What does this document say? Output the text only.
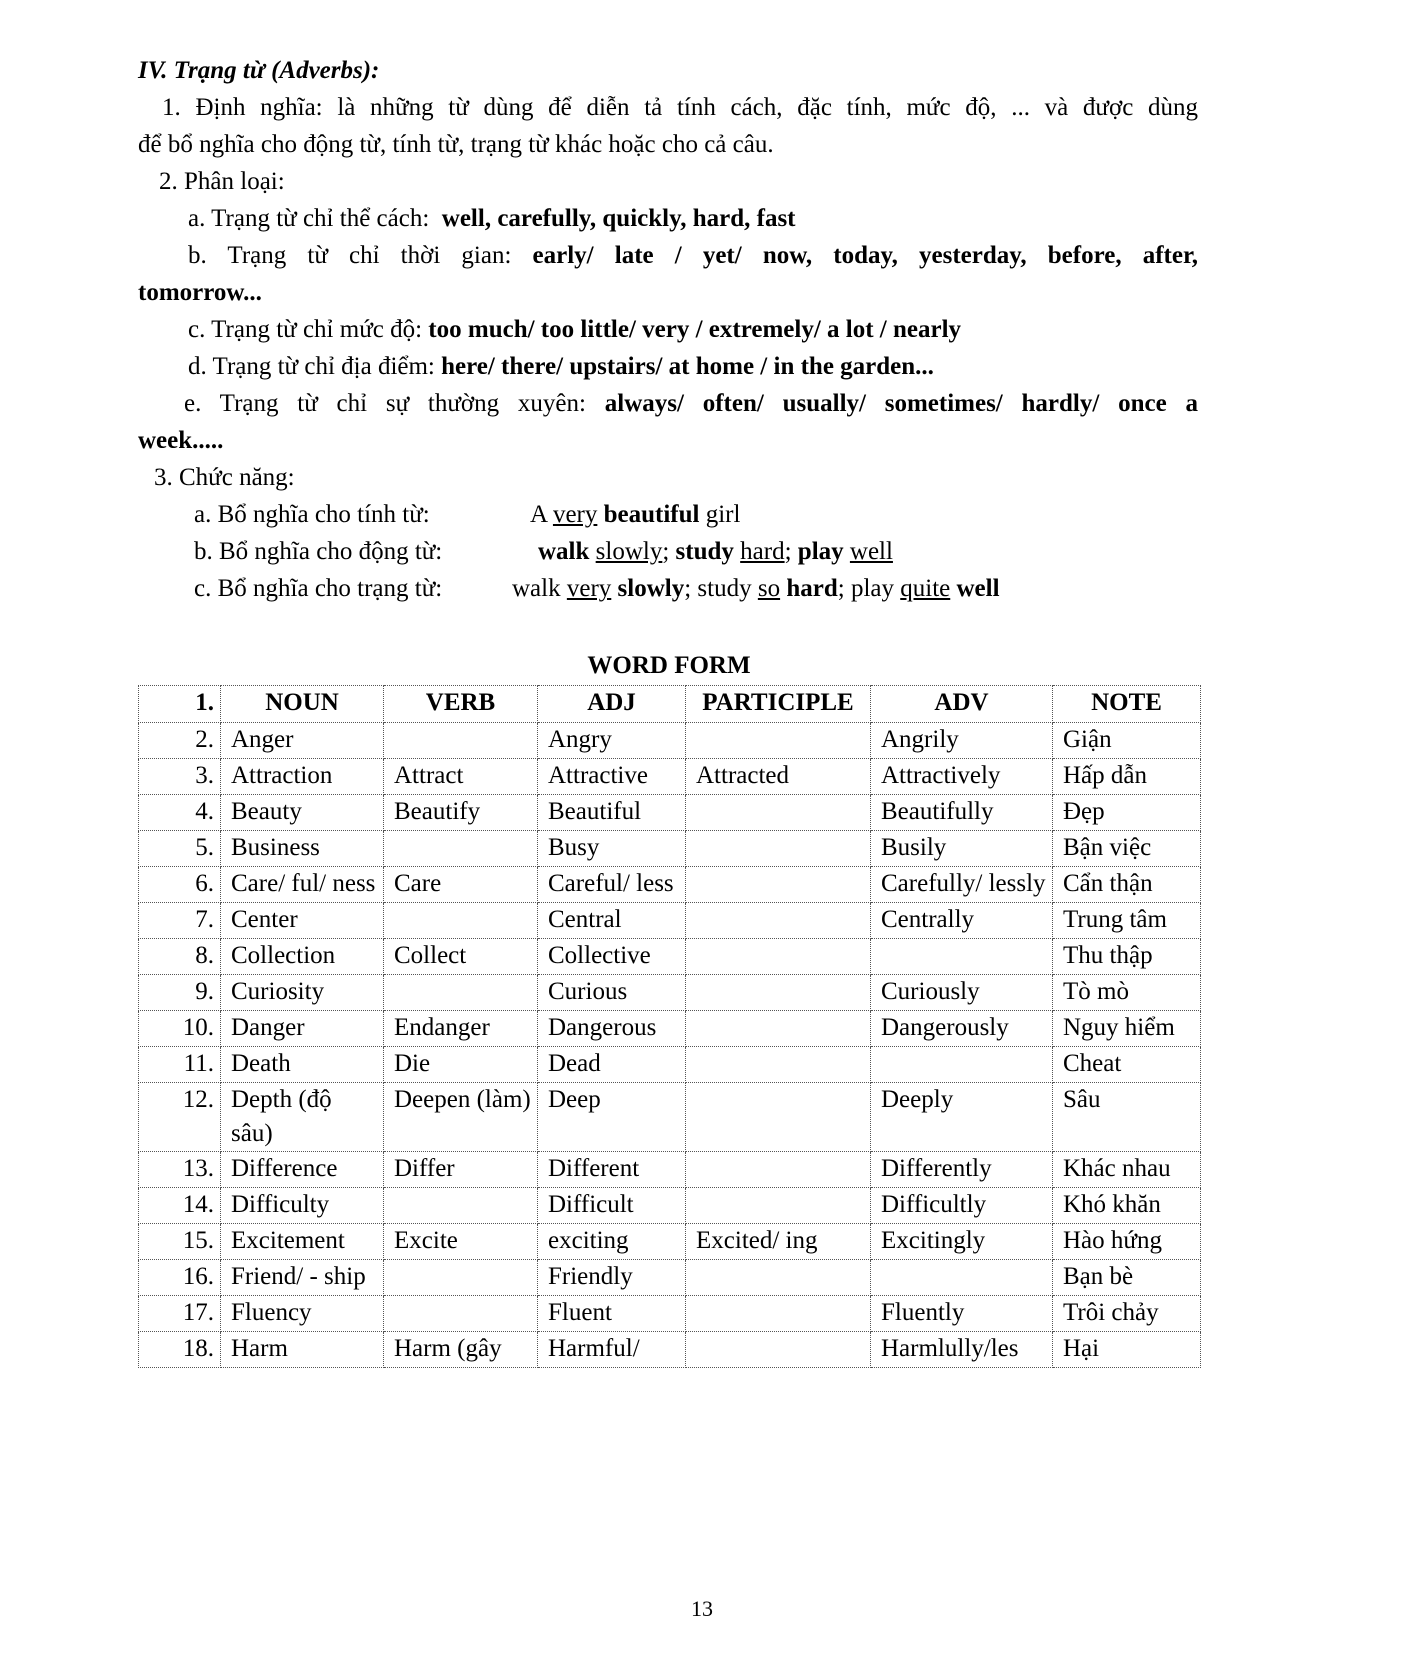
IV. Trạng từ (Adverbs):
1. Định nghĩa: là những từ dùng để diễn tả tính cách, đặc tính, mức độ, ... và được dùng
để bổ nghĩa cho động từ, tính từ, trạng từ khác hoặc cho cả câu.
2. Phân loại:
a. Trạng từ chỉ thể cách: well, carefully, quickly, hard, fast
b. Trạng từ chỉ thời gian: early/ late / yet/ now, today, yesterday, before, after,
tomorrow...
c. Trạng từ chỉ mức độ: too much/ too little/ very / extremely/ a lot / nearly
d. Trạng từ chỉ địa điểm: here/ there/ upstairs/ at home / in the garden...
e. Trạng từ chỉ sự thường xuyên: always/ often/ usually/ sometimes/ hardly/ once a
week.....
3. Chức năng:
a. Bổ nghĩa cho tính từ:	A very beautiful girl
b. Bổ nghĩa cho động từ:	walk slowly; study hard; play well
c. Bổ nghĩa cho trạng từ:	walk very slowly; study so hard; play quite well
WORD FORM
1.	NOUN	VERB	ADJ	PARTICIPLE	ADV	NOTE
2.	Anger		Angry		Angrily	Giận
3.	Attraction	Attract	Attractive	Attracted	Attractively	Hấp dẫn
4.	Beauty	Beautify	Beautiful		Beautifully	Đẹp
5.	Business		Busy		Busily	Bận việc
6.	Care/ ful/ ness	Care	Careful/ less		Carefully/ lessly	Cẩn thận
7.	Center		Central		Centrally	Trung tâm
8.	Collection	Collect	Collective			Thu thập
9.	Curiosity		Curious		Curiously	Tò mò
10.	Danger	Endanger	Dangerous		Dangerously	Nguy hiểm
11.	Death	Die	Dead			Cheat
12.	Depth (độ sâu)	Deepen (làm)	Deep		Deeply	Sâu
13.	Difference	Differ	Different		Differently	Khác nhau
14.	Difficulty		Difficult		Difficultly	Khó khăn
15.	Excitement	Excite	exciting	Excited/ ing	Excitingly	Hào hứng
16.	Friend/ - ship		Friendly			Bạn bè
17.	Fluency		Fluent		Fluently	Trôi chảy
18.	Harm	Harm (gây	Harmful/		Harmlully/les	Hại
13
